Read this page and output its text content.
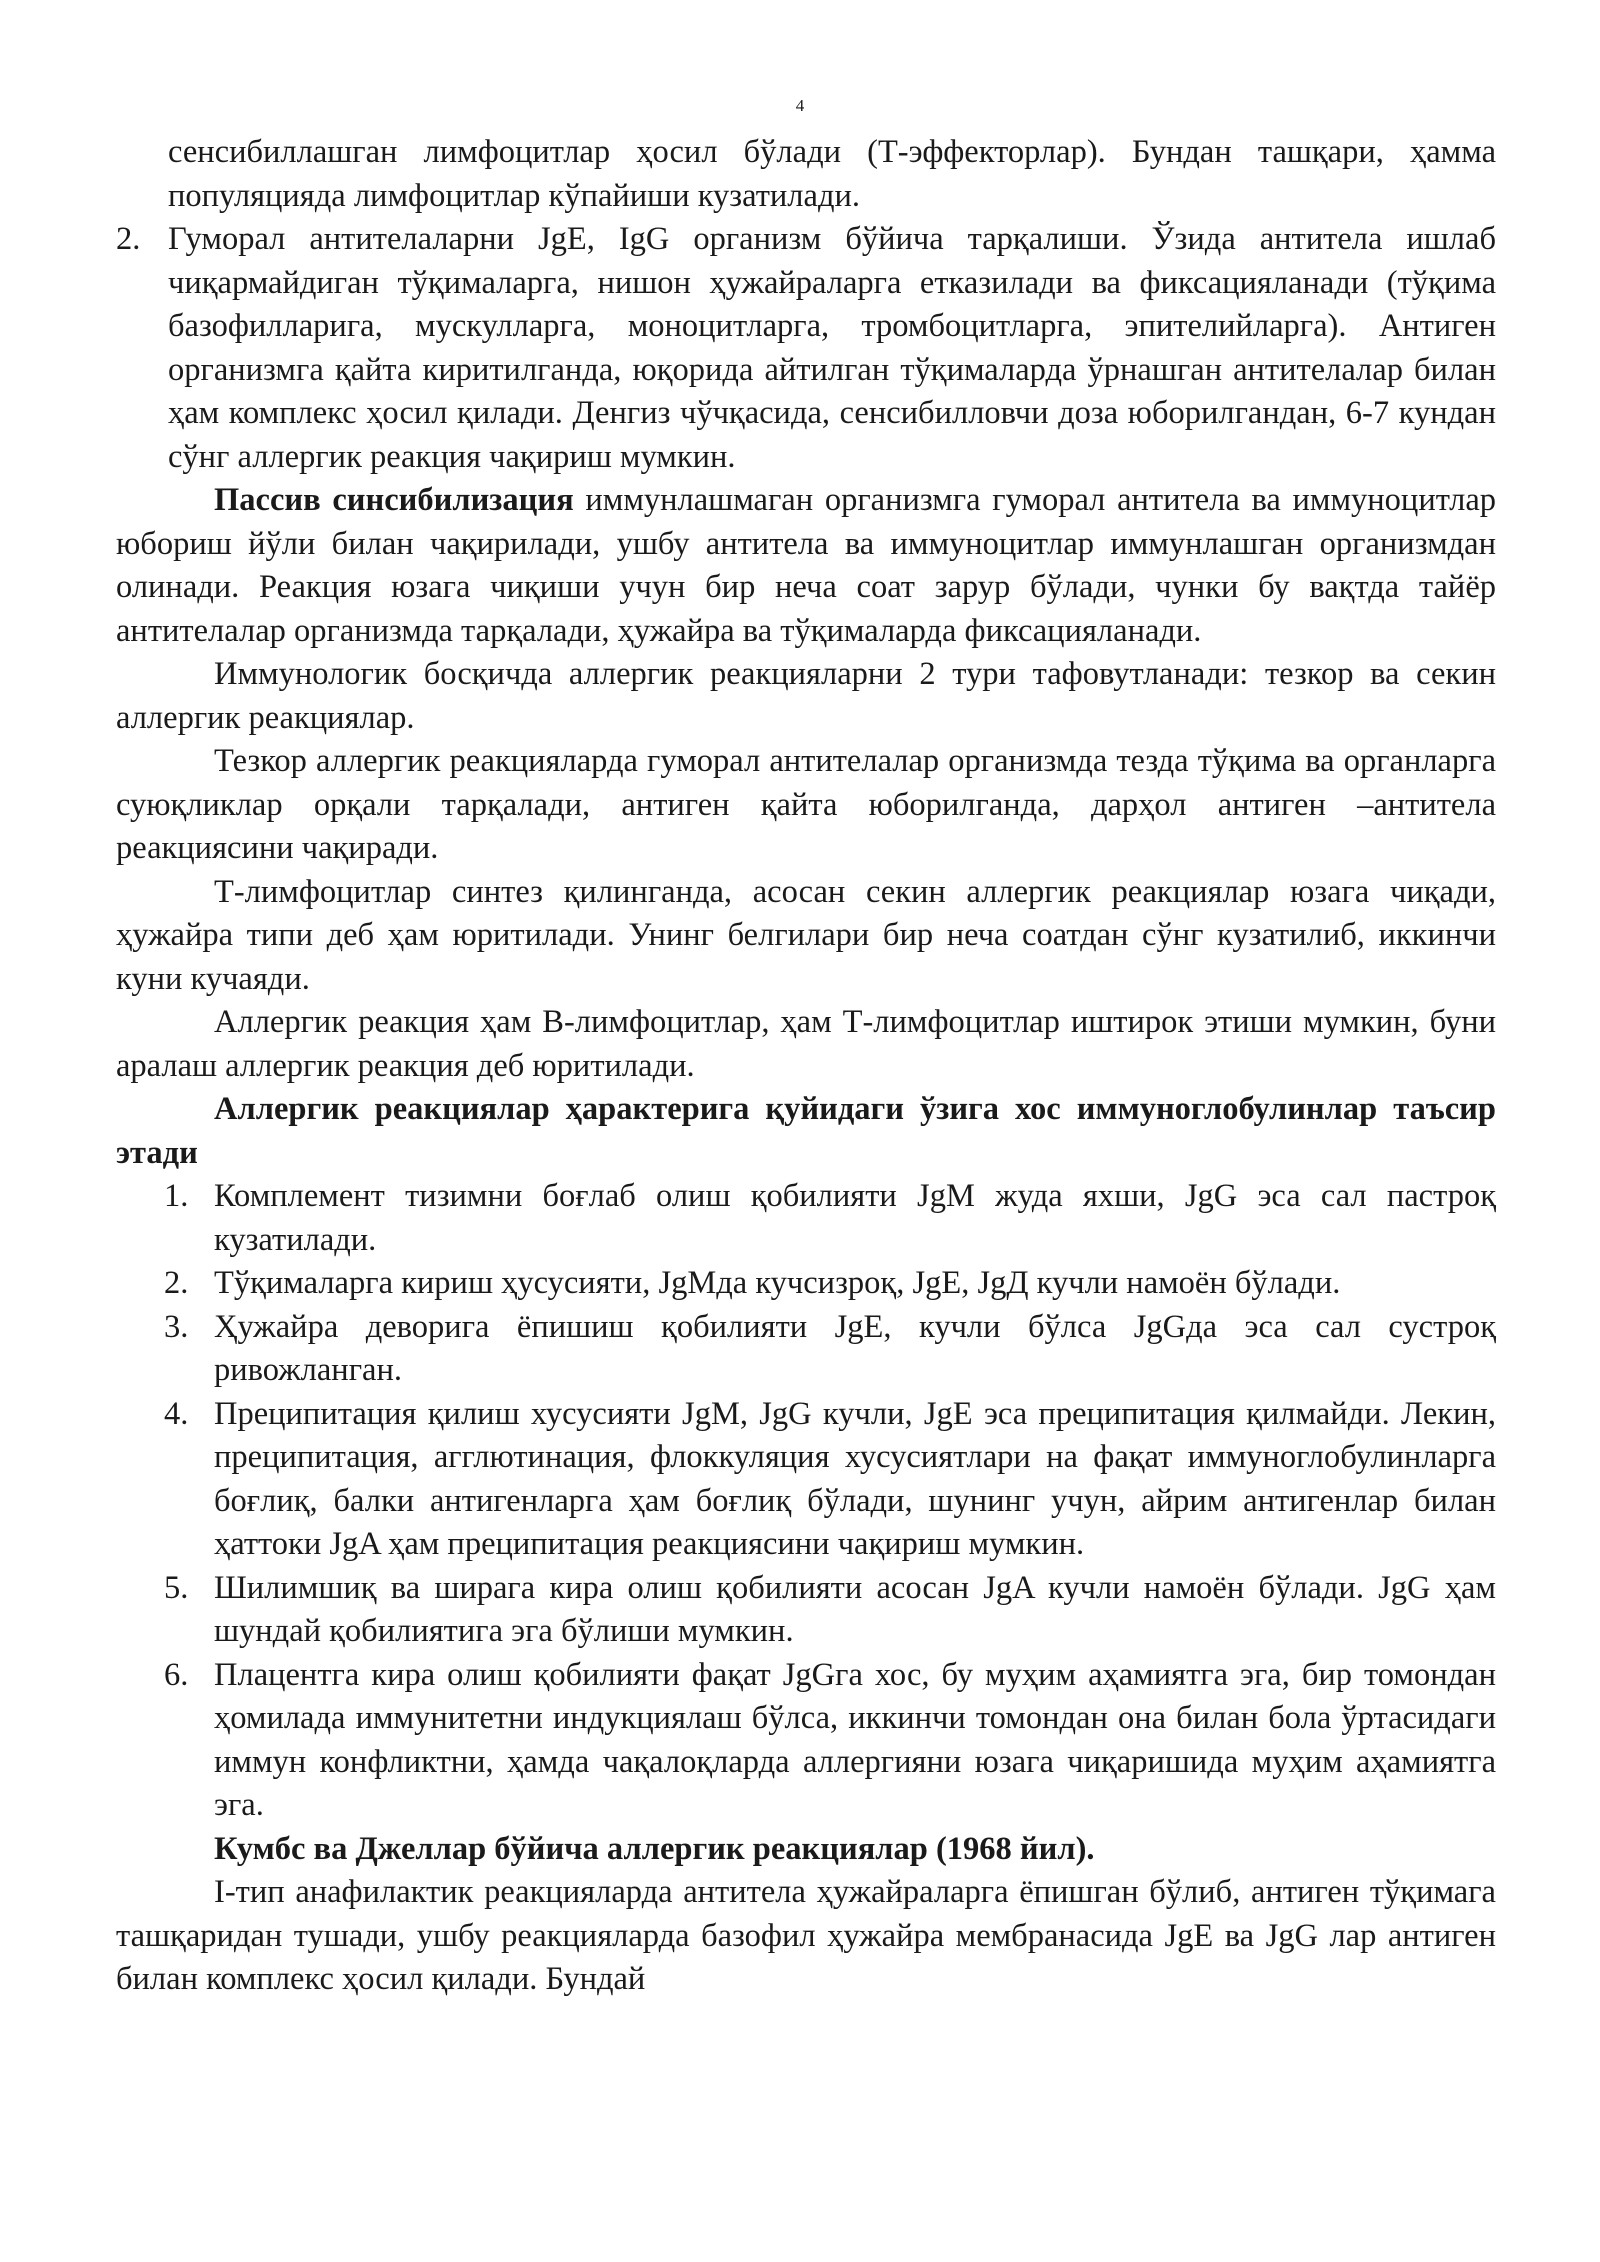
4

сенсибиллашган лимфоцитлар ҳосил бўлади (Т-эффекторлар). Бундан ташқари, ҳамма популяцияда лимфоцитлар кўпайиши кузатилади.

2. Гуморал антителаларни JgE, IgG организм бўйича тарқалиши. Ўзида антитела ишлаб чиқармайдиган тўқималарга, нишон ҳужайраларга етказилади ва фиксацияланади (тўқима базофилларига, мускулларга, моноцитларга, тромбоцитларга, эпителийларга). Антиген организмга қайта киритилганда, юқорида айтилган тўқималарда ўрнашган антителалар билан ҳам комплекс ҳосил қилади. Денгиз чўчқасида, сенсибилловчи доза юборилгандан, 6-7 кундан сўнг аллергик реакция чақириш мумкин.

Пассив синсибилизация иммунлашмаган организмга гуморал антитела ва иммуноцитлар юбориш йўли билан чақирилади, ушбу антитела ва иммуноцитлар иммунлашган организмдан олинади. Реакция юзага чиқиши учун бир неча соат зарур бўлади, чунки бу вақтда тайёр антителалар организмда тарқалади, ҳужайра ва тўқималарда фиксацияланади.

Иммунологик босқичда аллергик реакцияларни 2 тури тафовутланади: тезкор ва секин аллергик реакциялар.

Тезкор аллергик реакцияларда гуморал антителалар организмда тезда тўқима ва органларга суюқликлар орқали тарқалади, антиген қайта юборилганда, дарҳол антиген –антитела реакциясини чақиради.

Т-лимфоцитлар синтез қилинганда, асосан секин аллергик реакциялар юзага чиқади, ҳужайра типи деб ҳам юритилади. Унинг белгилари бир неча соатдан сўнг кузатилиб, иккинчи куни кучаяди.

Аллергик реакция ҳам В-лимфоцитлар, ҳам Т-лимфоцитлар иштирок этиши мумкин, буни аралаш аллергик реакция деб юритилади.

Аллергик реакциялар ҳарактерига қуйидаги ўзига хос иммуноглобулинлар таъсир этади

1. Комплемент тизимни боғлаб олиш қобилияти JgM жуда яхши, JgG эса сал пастроқ кузатилади.

2. Тўқималарга кириш ҳусусияти, JgMда кучсизроқ, JgE, JgД кучли намоён бўлади.

3. Ҳужайра деворига ёпишиш қобилияти JgE, кучли бўлса JgGда эса сал сустроқ ривожланган.

4. Преципитация қилиш хусусияти JgM, JgG кучли, JgE эса преципитация қилмайди. Лекин, преципитация, агглютинация, флоккуляция хусусиятлари на фақат иммуноглобулинларга боғлиқ, балки антигенларга ҳам боғлиқ бўлади, шунинг учун, айрим антигенлар билан ҳаттоки JgA ҳам преципитация реакциясини чақириш мумкин.

5. Шилимшиқ ва ширага кира олиш қобилияти асосан JgA кучли намоён бўлади. JgG ҳам шундай қобилиятига эга бўлиши мумкин.

6. Плацентга кира олиш қобилияти фақат JgGга хос, бу муҳим аҳамиятга эга, бир томондан ҳомилада иммунитетни индукциялаш бўлса, иккинчи томондан она билан бола ўртасидаги иммун конфликтни, ҳамда чақалоқларда аллергияни юзага чиқаришида муҳим аҳамиятга эга.

Кумбс ва Джеллар бўйича аллергик реакциялар (1968 йил).

I-тип анафилактик реакцияларда антитела ҳужайраларга ёпишган бўлиб, антиген тўқимага ташқаридан тушади, ушбу реакцияларда базофил ҳужайра мембранасида JgE ва JgG лар антиген билан комплекс ҳосил қилади. Бундай
